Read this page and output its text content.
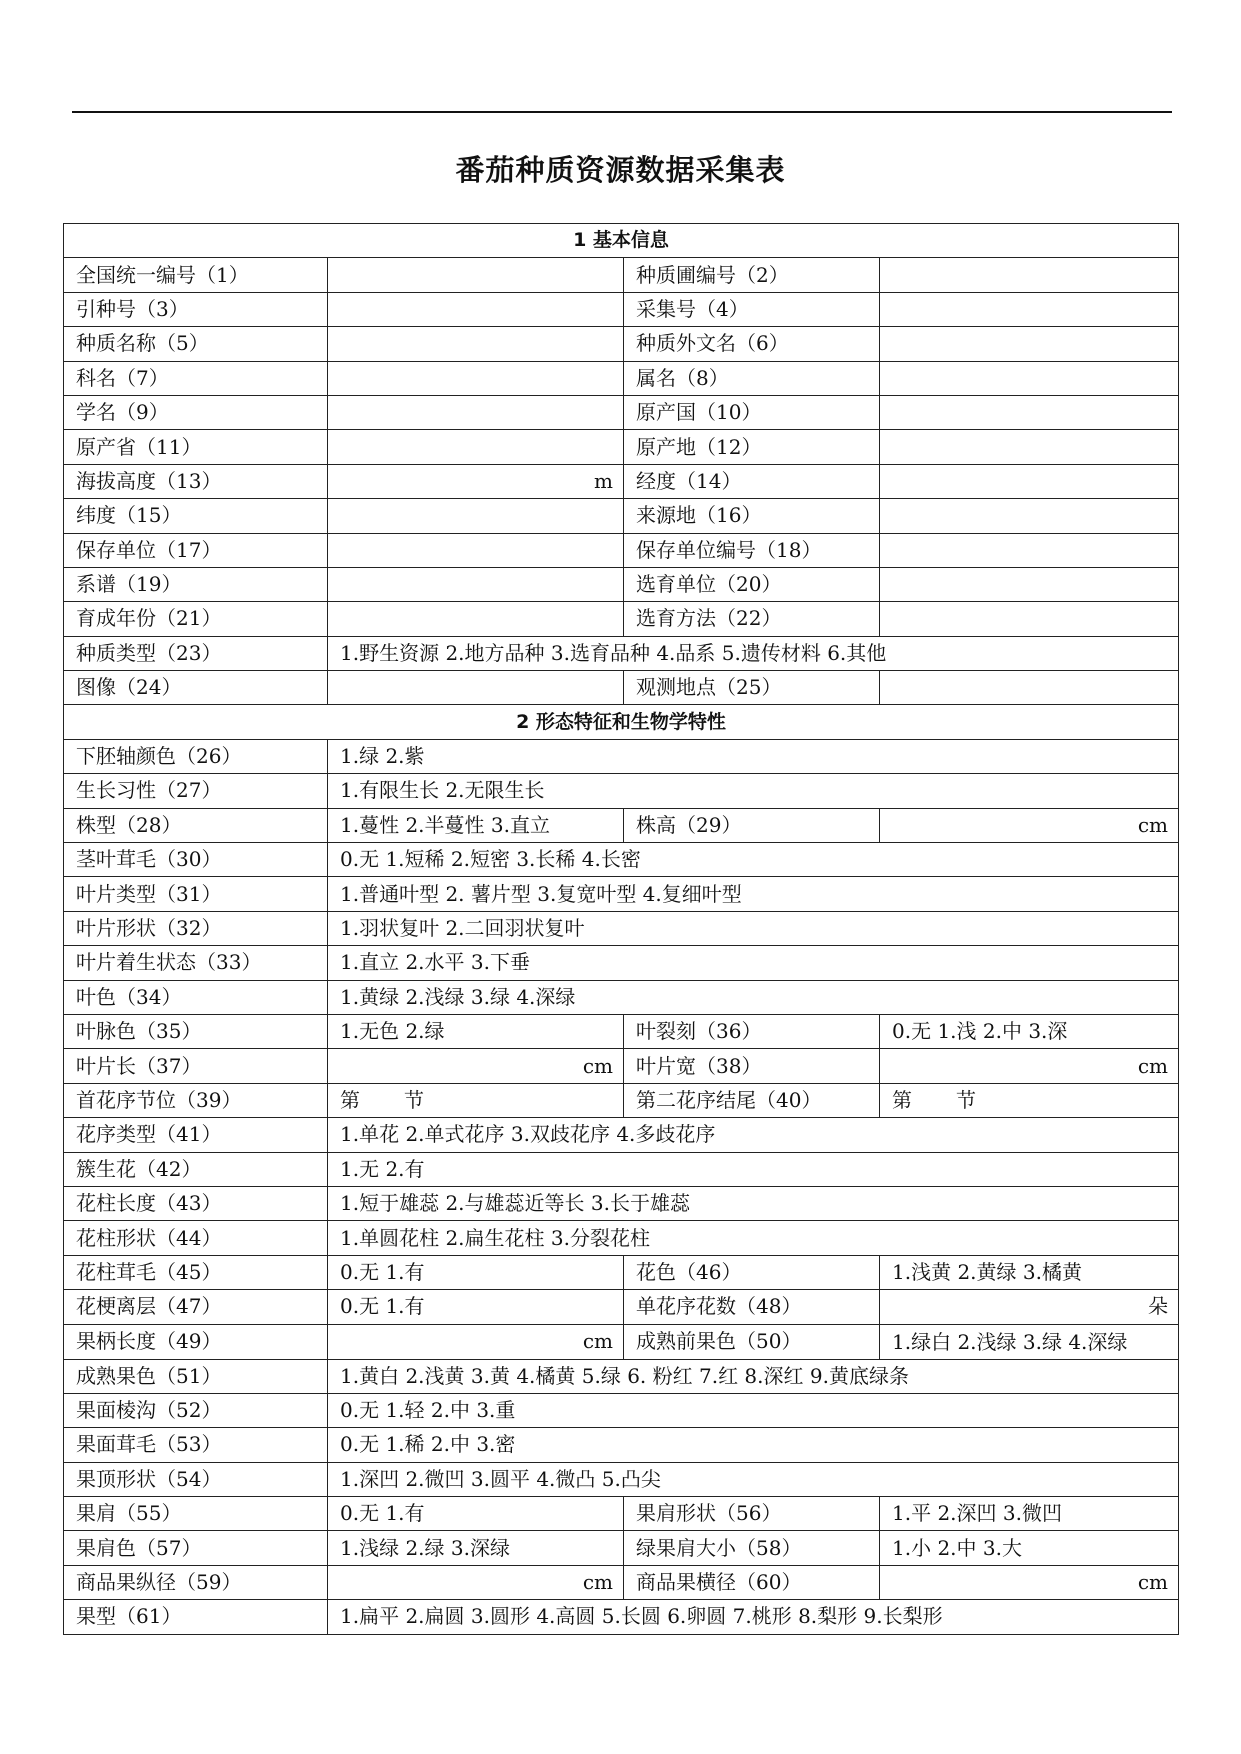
番茄种质资源数据采集表
1 基本信息			
全国统一编号（1）		种质圃编号（2）	
引种号（3）		采集号（4）	
种质名称（5）		种质外文名（6）	
科名（7）		属名（8）	
学名（9）		原产国（10）	
原产省（11）		原产地（12）	
海拔高度（13）	m	经度（14）	
纬度（15）		来源地（16）	
保存单位（17）		保存单位编号（18）	
系谱（19）		选育单位（20）	
育成年份（21）		选育方法（22）	
种质类型（23）	1.野生资源 2.地方品种 3.选育品种 4.品系 5.遗传材料 6.其他		
图像（24）		观测地点（25）	
2 形态特征和生物学特性			
下胚轴颜色（26）	1.绿 2.紫		
生长习性（27）	1.有限生长 2.无限生长		
株型（28）	1.蔓性 2.半蔓性 3.直立	株高（29）	cm
茎叶茸毛（30）	0.无 1.短稀 2.短密 3.长稀 4.长密		
叶片类型（31）	1.普通叶型 2. 薯片型 3.复宽叶型 4.复细叶型		
叶片形状（32）	1.羽状复叶 2.二回羽状复叶		
叶片着生状态（33）	1.直立 2.水平 3.下垂		
叶色（34）	1.黄绿 2.浅绿 3.绿 4.深绿		
叶脉色（35）	1.无色 2.绿	叶裂刻（36）	0.无 1.浅 2.中 3.深
叶片长（37）	cm	叶片宽（38）	cm
首花序节位（39）	第 节	第二花序结尾（40）	第 节
花序类型（41）	1.单花 2.单式花序 3.双歧花序 4.多歧花序		
簇生花（42）	1.无 2.有		
花柱长度（43）	1.短于雄蕊 2.与雄蕊近等长 3.长于雄蕊		
花柱形状（44）	1.单圆花柱 2.扁生花柱 3.分裂花柱		
花柱茸毛（45）	0.无 1.有	花色（46）	1.浅黄 2.黄绿 3.橘黄
花梗离层（47）	0.无 1.有	单花序花数（48）	朵
果柄长度（49）	cm	成熟前果色（50）	1.绿白 2.浅绿 3.绿 4.深绿
成熟果色（51）	1.黄白 2.浅黄 3.黄 4.橘黄 5.绿 6. 粉红 7.红 8.深红 9.黄底绿条		
果面棱沟（52）	0.无 1.轻 2.中 3.重		
果面茸毛（53）	0.无 1.稀 2.中 3.密		
果顶形状（54）	1.深凹 2.微凹 3.圆平 4.微凸 5.凸尖		
果肩（55）	0.无 1.有	果肩形状（56）	1.平 2.深凹 3.微凹
果肩色（57）	1.浅绿 2.绿 3.深绿	绿果肩大小（58）	1.小 2.中 3.大
商品果纵径（59）	cm	商品果横径（60）	cm
果型（61）	1.扁平 2.扁圆 3.圆形 4.高圆 5.长圆 6.卵圆 7.桃形 8.梨形 9.长梨形		
